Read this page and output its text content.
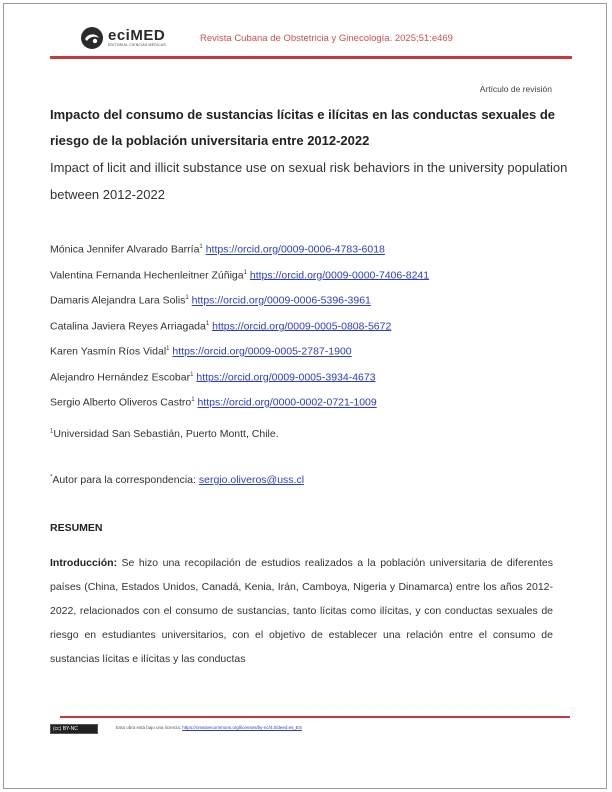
eciMED
EDITORIAL CIENCIAS MÉDICAS
Revista Cubana de Obstetricia y Ginecología. 2025;51:e469
Artículo de revisión
Impacto del consumo de sustancias lícitas e ilícitas en las conductas sexuales de riesgo de la población universitaria entre 2012-2022
Impact of licit and illicit substance use on sexual risk behaviors in the university population between 2012-2022
Mónica Jennifer Alvarado Barría$^1$ https://orcid.org/0009-0006-4783-6018
Valentina Fernanda Hechenleitner Zúñiga$^1$ https://orcid.org/0009-0000-7406-8241
Damaris Alejandra Lara Solis$^1$ https://orcid.org/0009-0006-5396-3961
Catalina Javiera Reyes Arriagada$^1$ https://orcid.org/0009-0005-0808-5672
Karen Yasmín Ríos Vidal$^1$ https://orcid.org/0009-0005-2787-1900
Alejandro Hernández Escobar$^1$ https://orcid.org/0009-0005-3934-4673
Sergio Alberto Oliveros Castro$^1$ https://orcid.org/0000-0002-0721-1009
$^1$Universidad San Sebastián, Puerto Montt, Chile.
*Autor para la correspondencia: sergio.oliveros@uss.cl
RESUMEN
Introducción: Se hizo una recopilación de estudios realizados a la población universitaria de diferentes países (China, Estados Unidos, Canadá, Kenia, Irán, Camboya, Nigeria y Dinamarca) entre los años 2012-2022, relacionados con el consumo de sustancias, tanto lícitas como ilícitas, y con conductas sexuales de riesgo en estudiantes universitarios, con el objetivo de establecer una relación entre el consumo de sustancias lícitas e ilícitas y las conductas
(cc) BY-NC	Esta obra está bajo una licencia: https://creativecommons.org/licenses/by-nc/4.0/deed.es_ES
